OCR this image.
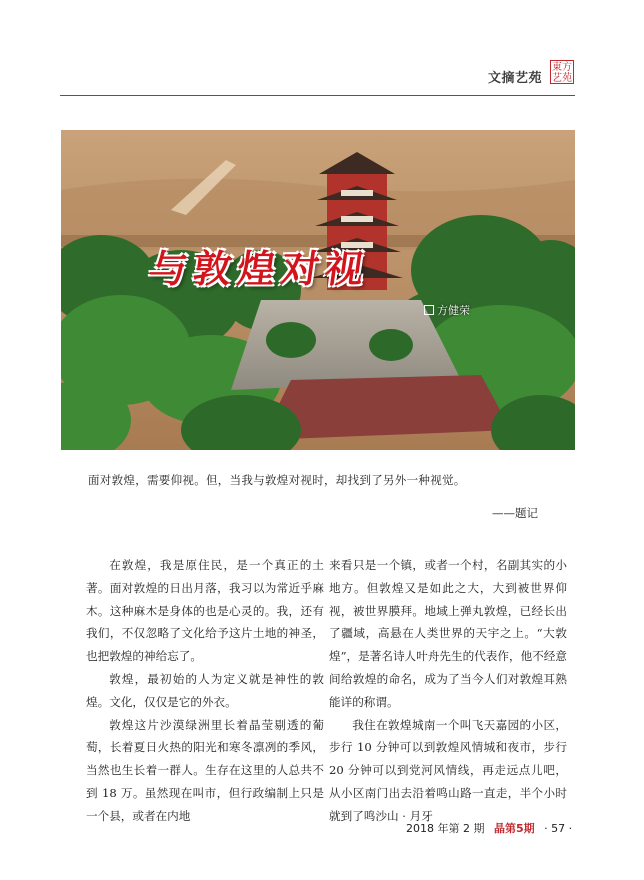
文摘艺苑
東方
艺苑
与敦煌对视
方健荣
面对敦煌，需要仰视。但，当我与敦煌对视时，却找到了另外一种视觉。
——题记

在敦煌，我是原住民，是一个真正的土著。面对敦煌的日出月落，我习以为常近乎麻木。这种麻木是身体的也是心灵的。我，还有我们，不仅忽略了文化给予这片土地的神圣，也把敦煌的神给忘了。

敦煌，最初始的人为定义就是神性的敦煌。文化，仅仅是它的外衣。

敦煌这片沙漠绿洲里长着晶莹剔透的葡萄，长着夏日火热的阳光和寒冬凛冽的季风，当然也生长着一群人。生存在这里的人总共不到 18 万。虽然现在叫市，但行政编制上只是一个县，或者在内地

来看只是一个镇，或者一个村，名副其实的小地方。但敦煌又是如此之大，大到被世界仰视，被世界膜拜。地域上弹丸敦煌，已经长出了疆域，高悬在人类世界的天宇之上。“大敦煌”，是著名诗人叶舟先生的代表作，他不经意间给敦煌的命名，成为了当今人们对敦煌耳熟能详的称谓。

我住在敦煌城南一个叫飞天嘉园的小区，步行 10 分钟可以到敦煌风情城和夜市，步行 20 分钟可以到党河风情线，再走远点儿吧，从小区南门出去沿着鸣山路一直走，半个小时就到了鸣沙山 · 月牙

2018 年第 2 期 晶第5期 · 57 ·
